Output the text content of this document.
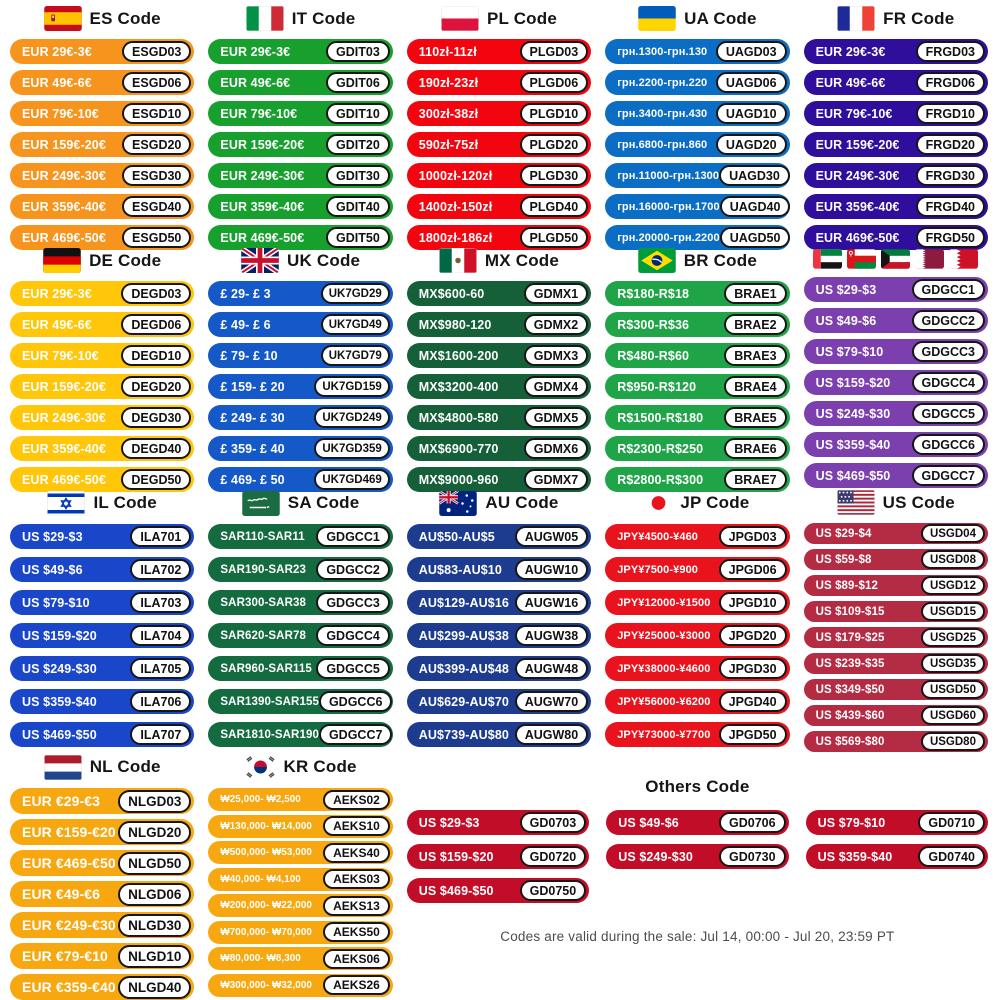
ES Code
EUR 29€-3€	ESGD03
EUR 49€-6€	ESGD06
EUR 79€-10€	ESGD10
EUR 159€-20€	ESGD20
EUR 249€-30€	ESGD30
EUR 359€-40€	ESGD40
EUR 469€-50€	ESGD50
IT Code
EUR 29€-3€	GDIT03
EUR 49€-6€	GDIT06
EUR 79€-10€	GDIT10
EUR 159€-20€	GDIT20
EUR 249€-30€	GDIT30
EUR 359€-40€	GDIT40
EUR 469€-50€	GDIT50
PL Code
110zł-11zł	PLGD03
190zł-23zł	PLGD06
300zł-38zł	PLGD10
590zł-75zł	PLGD20
1000zł-120zł	PLGD30
1400zł-150zł	PLGD40
1800zł-186zł	PLGD50
UA Code
грн.1300-грн.130	UAGD03
грн.2200-грн.220	UAGD06
грн.3400-грн.430	UAGD10
грн.6800-грн.860	UAGD20
грн.11000-грн.1300 UAGD30
грн.16000-грн.1700 UAGD40
грн.20000-грн.2200 UAGD50
FR Code
EUR 29€-3€	FRGD03
EUR 49€-6€	FRGD06
EUR 79€-10€	FRGD10
EUR 159€-20€	FRGD20
EUR 249€-30€	FRGD30
EUR 359€-40€	FRGD40
EUR 469€-50€	FRGD50
DE Code
EUR 29€-3€	DEGD03
EUR 49€-6€	DEGD06
EUR 79€-10€	DEGD10
EUR 159€-20€	DEGD20
EUR 249€-30€	DEGD30
EUR 359€-40€	DEGD40
EUR 469€-50€	DEGD50
UK Code
£ 29- £ 3	UK7GD29
£ 49- £ 6	UK7GD49
£ 79- £ 10	UK7GD79
£ 159- £ 20	UK7GD159
£ 249- £ 30	UK7GD249
£ 359- £ 40	UK7GD359
£ 469- £ 50	UK7GD469
MX Code
MX$600-60	GDMX1
MX$980-120	GDMX2
MX$1600-200	GDMX3
MX$3200-400	GDMX4
MX$4800-580	GDMX5
MX$6900-770	GDMX6
MX$9000-960	GDMX7
BR Code
R$180-R$18	BRAE1
R$300-R$36	BRAE2
R$480-R$60	BRAE3
R$950-R$120	BRAE4
R$1500-R$180	BRAE5
R$2300-R$250	BRAE6
R$2800-R$300	BRAE7
US $29-$3	GDGCC1
US $49-$6	GDGCC2
US $79-$10	GDGCC3
US $159-$20	GDGCC4
US $249-$30	GDGCC5
US $359-$40	GDGCC6
US $469-$50	GDGCC7
IL Code
US $29-$3	ILA701
US $49-$6	ILA702
US $79-$10	ILA703
US $159-$20	ILA704
US $249-$30	ILA705
US $359-$40	ILA706
US $469-$50	ILA707
SA Code
SAR110-SAR11	GDGCC1
SAR190-SAR23	GDGCC2
SAR300-SAR38	GDGCC3
SAR620-SAR78	GDGCC4
SAR960-SAR115	GDGCC5
SAR1390-SAR155 GDGCC6
SAR1810-SAR190 GDGCC7
AU Code
AU$50-AU$5	AUGW05
AU$83-AU$10	AUGW10
AU$129-AU$16	AUGW16
AU$299-AU$38	AUGW38
AU$399-AU$48	AUGW48
AU$629-AU$70	AUGW70
AU$739-AU$80	AUGW80
JP Code
JPY¥4500-¥460	JPGD03
JPY¥7500-¥900	JPGD06
JPY¥12000-¥1500	JPGD10
JPY¥25000-¥3000	JPGD20
JPY¥38000-¥4600	JPGD30
JPY¥56000-¥6200	JPGD40
JPY¥73000-¥7700	JPGD50
US Code
US $29-$4	USGD04
US $59-$8	USGD08
US $89-$12	USGD12
US $109-$15	USGD15
US $179-$25	USGD25
US $239-$35	USGD35
US $349-$50	USGD50
US $439-$60	USGD60
US $569-$80	USGD80
NL Code
EUR €29-€3	NLGD03
EUR €159-€20 NLGD20
EUR €469-€50 NLGD50
EUR €49-€6	NLGD06
EUR €249-€30 NLGD30
EUR €79-€10	NLGD10
EUR €359-€40 NLGD40
KR Code
₩25,000- ₩2,500	AEKS02
₩130,000- ₩14,000	AEKS10
₩500,000- ₩53,000	AEKS40
₩40,000- ₩4,100	AEKS03
₩200,000- ₩22,000	AEKS13
₩700,000- ₩70,000	AEKS50
₩80,000- ₩8,300	AEKS06
₩300,000- ₩32,000	AEKS26
Others Code
US $29-$3	GD0703	US $49-$6	GD0706	US $79-$10	GD0710
US $159-$20	GD0720	US $249-$30	GD0730	US $359-$40	GD0740
US $469-$50	GD0750
Codes are valid during the sale: Jul 14, 00:00 - Jul 20, 23:59 PT
